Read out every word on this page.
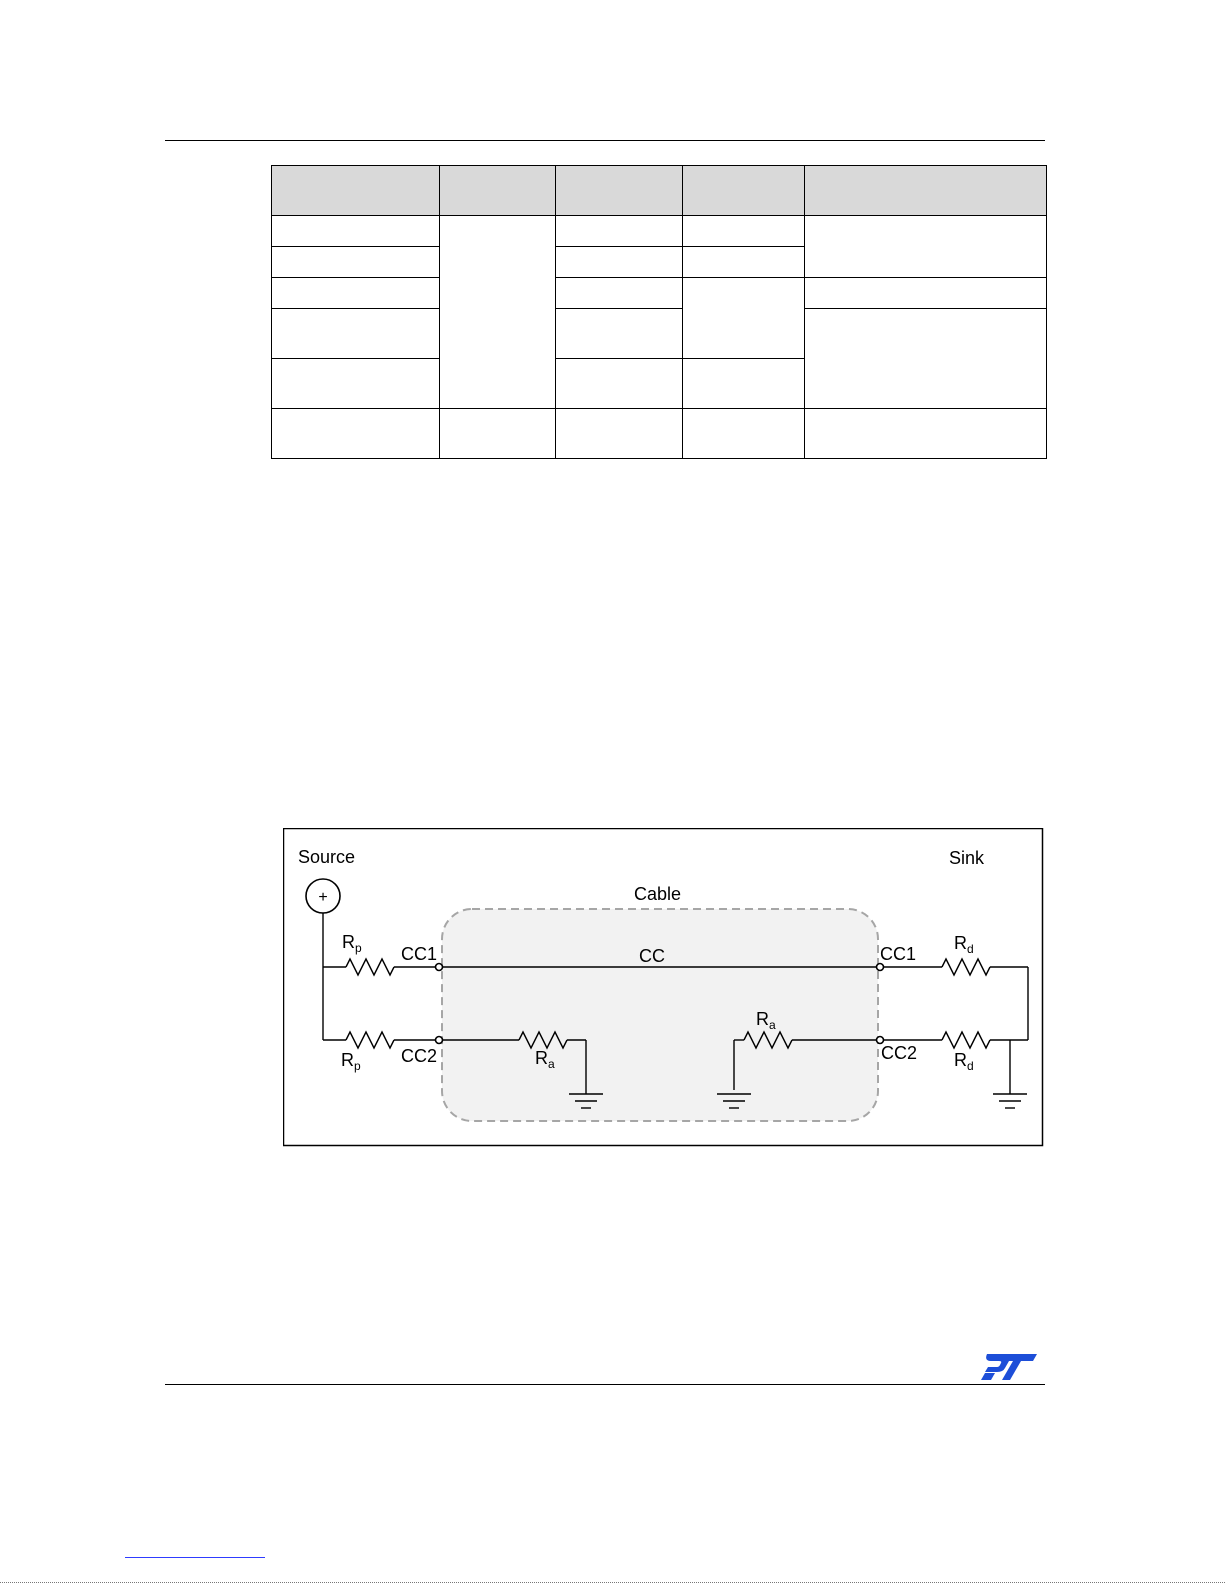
+
Source	Sink
Cable
CC
CC1
CC2
CC1
CC2
$R_p$
$R_p$	$R_a$
$R_a$
$R_d$
$R_d$
